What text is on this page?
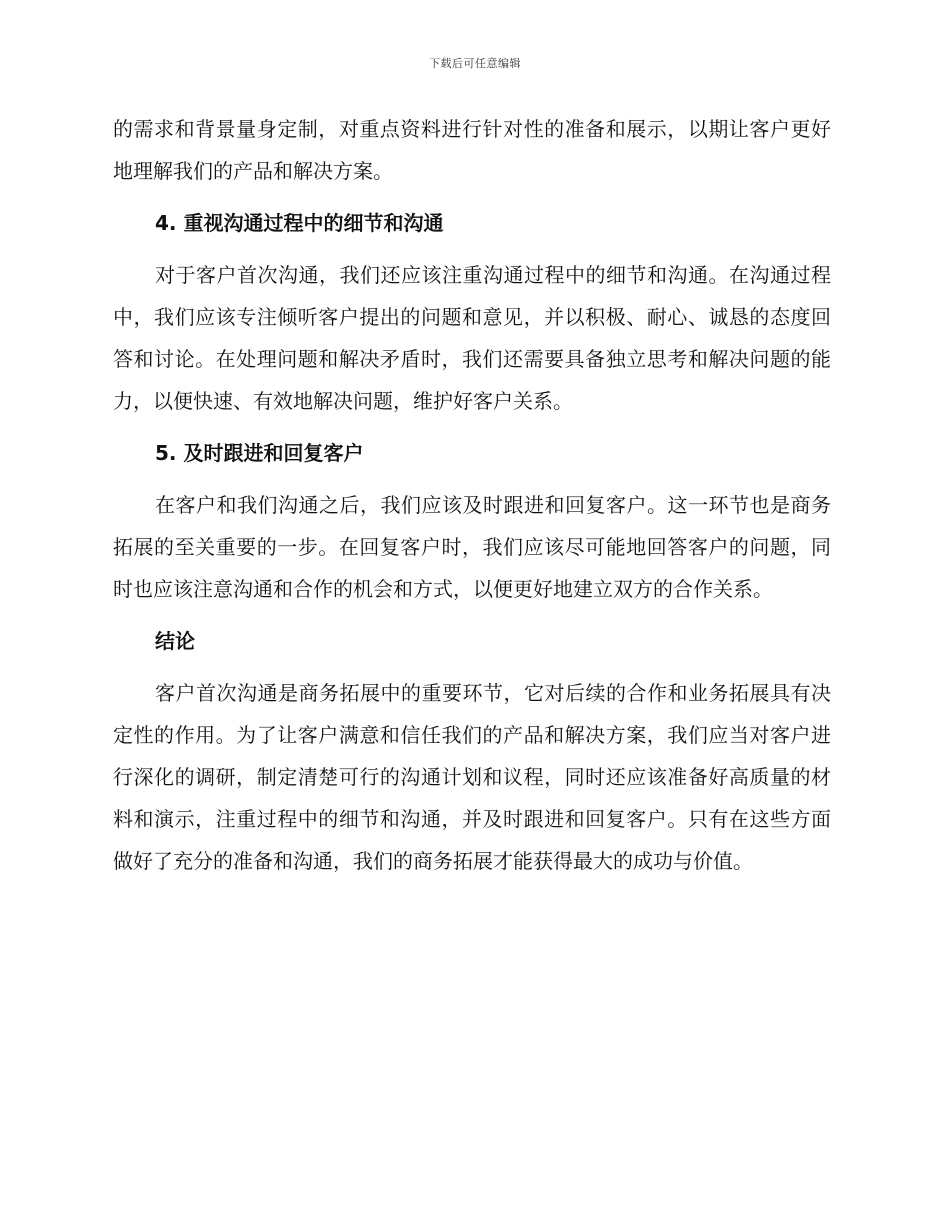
下载后可任意编辑

的需求和背景量身定制，对重点资料进行针对性的准备和展示，以期让客户更好地理解我们的产品和解决方案。

4. 重视沟通过程中的细节和沟通

对于客户首次沟通，我们还应该注重沟通过程中的细节和沟通。在沟通过程中，我们应该专注倾听客户提出的问题和意见，并以积极、耐心、诚恳的态度回答和讨论。在处理问题和解决矛盾时，我们还需要具备独立思考和解决问题的能力，以便快速、有效地解决问题，维护好客户关系。

5. 及时跟进和回复客户

在客户和我们沟通之后，我们应该及时跟进和回复客户。这一环节也是商务拓展的至关重要的一步。在回复客户时，我们应该尽可能地回答客户的问题，同时也应该注意沟通和合作的机会和方式，以便更好地建立双方的合作关系。

结论

客户首次沟通是商务拓展中的重要环节，它对后续的合作和业务拓展具有决定性的作用。为了让客户满意和信任我们的产品和解决方案，我们应当对客户进行深化的调研，制定清楚可行的沟通计划和议程，同时还应该准备好高质量的材料和演示，注重过程中的细节和沟通，并及时跟进和回复客户。只有在这些方面做好了充分的准备和沟通，我们的商务拓展才能获得最大的成功与价值。
